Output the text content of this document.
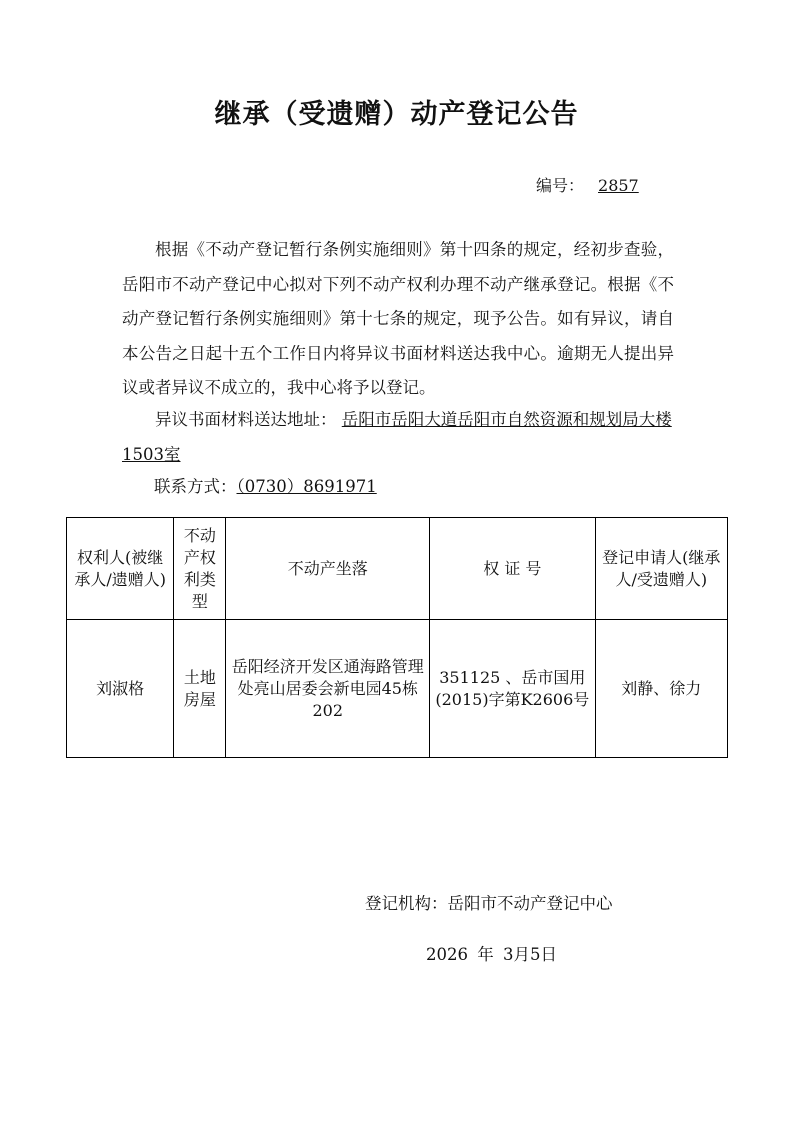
继承（受遗赠）动产登记公告
编号： 2857

根据《不动产登记暂行条例实施细则》第十四条的规定，经初步查验，岳阳市不动产登记中心拟对下列不动产权利办理不动产继承登记。根据《不动产登记暂行条例实施细则》第十七条的规定，现予公告。如有异议，请自本公告之日起十五个工作日内将异议书面材料送达我中心。逾期无人提出异议或者异议不成立的，我中心将予以登记。

异议书面材料送达地址： 岳阳市岳阳大道岳阳市自然资源和规划局大楼1503室
联系方式：（0730）8691971
权利人(被继承人/遗赠人)	不动产权利类型	不动产坐落	权 证 号	登记申请人(继承人/受遗赠人)
刘淑格	土地房屋	岳阳经济开发区通海路管理处亮山居委会新电园45栋202	351125 、岳市国用(2015)字第K2606号	刘静、徐力
登记机构：岳阳市不动产登记中心
2026 年 3月5日
